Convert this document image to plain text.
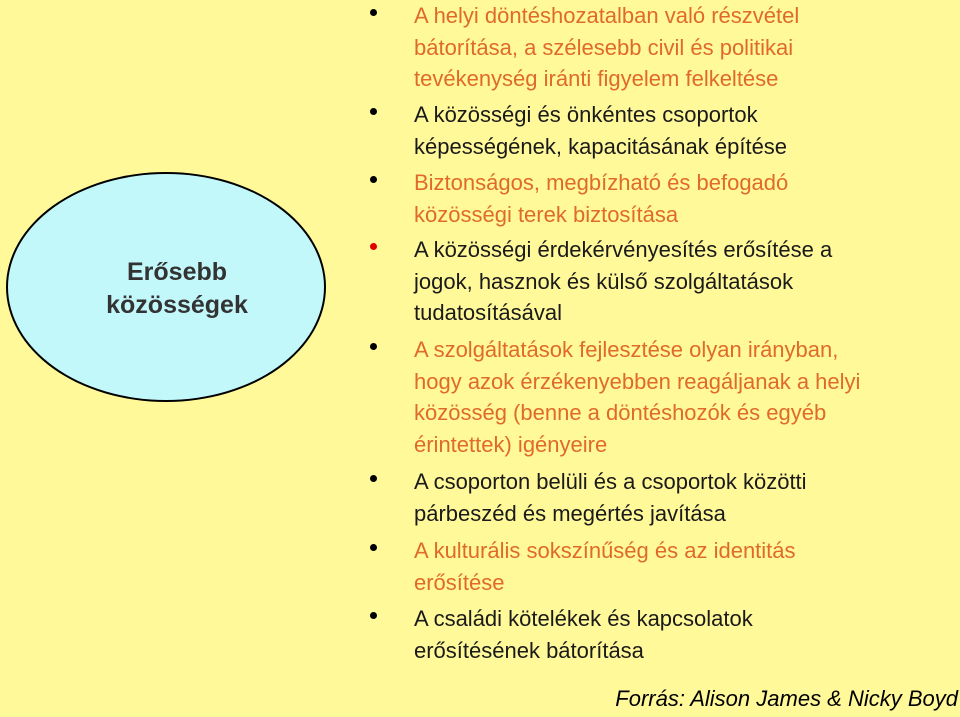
Erősebb
közösségek
A helyi döntéshozatalban való részvétel
bátorítása, a szélesebb civil és politikai
tevékenység iránti figyelem felkeltése
A közösségi és önkéntes csoportok
képességének, kapacitásának építése
Biztonságos, megbízható és befogadó
közösségi terek biztosítása
A közösségi érdekérvényesítés erősítése a
jogok, hasznok és külső szolgáltatások
tudatosításával
A szolgáltatások fejlesztése olyan irányban,
hogy azok érzékenyebben reagáljanak a helyi
közösség (benne a döntéshozók és egyéb
érintettek) igényeire
A csoporton belüli és a csoportok közötti
párbeszéd és megértés javítása
A kulturális sokszínűség és az identitás
erősítése
A családi kötelékek és kapcsolatok
erősítésének bátorítása
Forrás: Alison James & Nicky Boyd
